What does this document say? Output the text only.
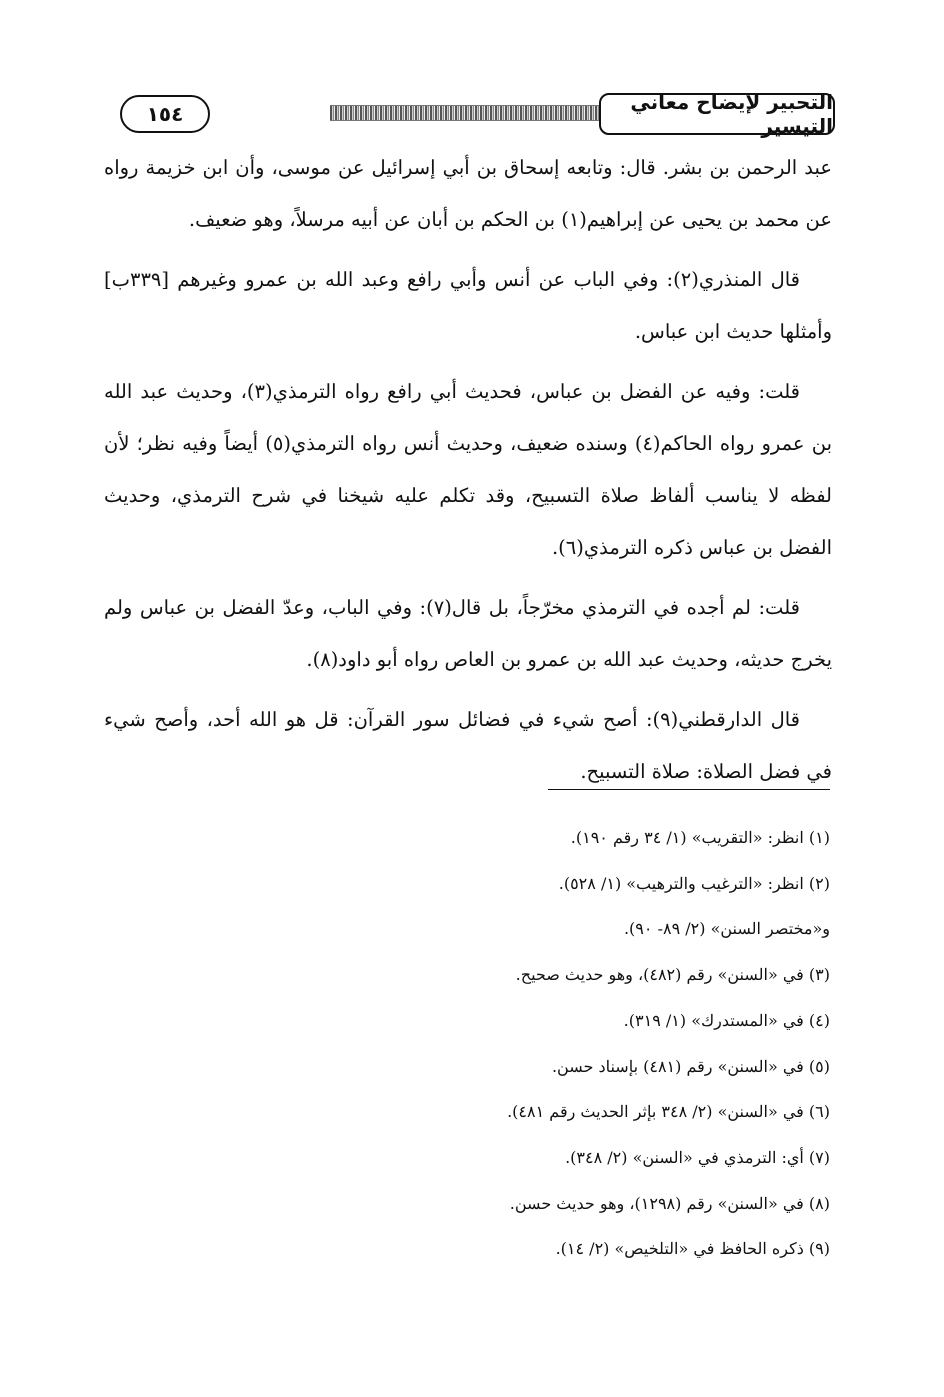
١٥٤	التحبير لإيضاح معاني التيسير

عبد الرحمن بن بشر. قال: وتابعه إسحاق بن أبي إسرائيل عن موسى، وأن ابن خزيمة رواه عن محمد بن يحيى عن إبراهيم(١) بن الحكم بن أبان عن أبيه مرسلاً، وهو ضعيف.

قال المنذري(٢): وفي الباب عن أنس وأبي رافع وعبد الله بن عمرو وغيرهم [٣٣٩ب] وأمثلها حديث ابن عباس.

قلت: وفيه عن الفضل بن عباس، فحديث أبي رافع رواه الترمذي(٣)، وحديث عبد الله بن عمرو رواه الحاكم(٤) وسنده ضعيف، وحديث أنس رواه الترمذي(٥) أيضاً وفيه نظر؛ لأن لفظه لا يناسب ألفاظ صلاة التسبيح، وقد تكلم عليه شيخنا في شرح الترمذي، وحديث الفضل بن عباس ذكره الترمذي(٦).

قلت: لم أجده في الترمذي مخرّجاً، بل قال(٧): وفي الباب، وعدّ الفضل بن عباس ولم يخرج حديثه، وحديث عبد الله بن عمرو بن العاص رواه أبو داود(٨).

قال الدارقطني(٩): أصح شيء في فضائل سور القرآن: قل هو الله أحد، وأصح شيء في فضل الصلاة: صلاة التسبيح.

(١) انظر: «التقريب» (١/ ٣٤ رقم ١٩٠).
(٢) انظر: «الترغيب والترهيب» (١/ ٥٢٨).
و«مختصر السنن» (٢/ ٨٩- ٩٠).
(٣) في «السنن» رقم (٤٨٢)، وهو حديث صحيح.
(٤) في «المستدرك» (١/ ٣١٩).
(٥) في «السنن» رقم (٤٨١) بإسناد حسن.
(٦) في «السنن» (٢/ ٣٤٨ بإثر الحديث رقم ٤٨١).
(٧) أي: الترمذي في «السنن» (٢/ ٣٤٨).
(٨) في «السنن» رقم (١٢٩٨)، وهو حديث حسن.
(٩) ذكره الحافظ في «التلخيص» (٢/ ١٤).
